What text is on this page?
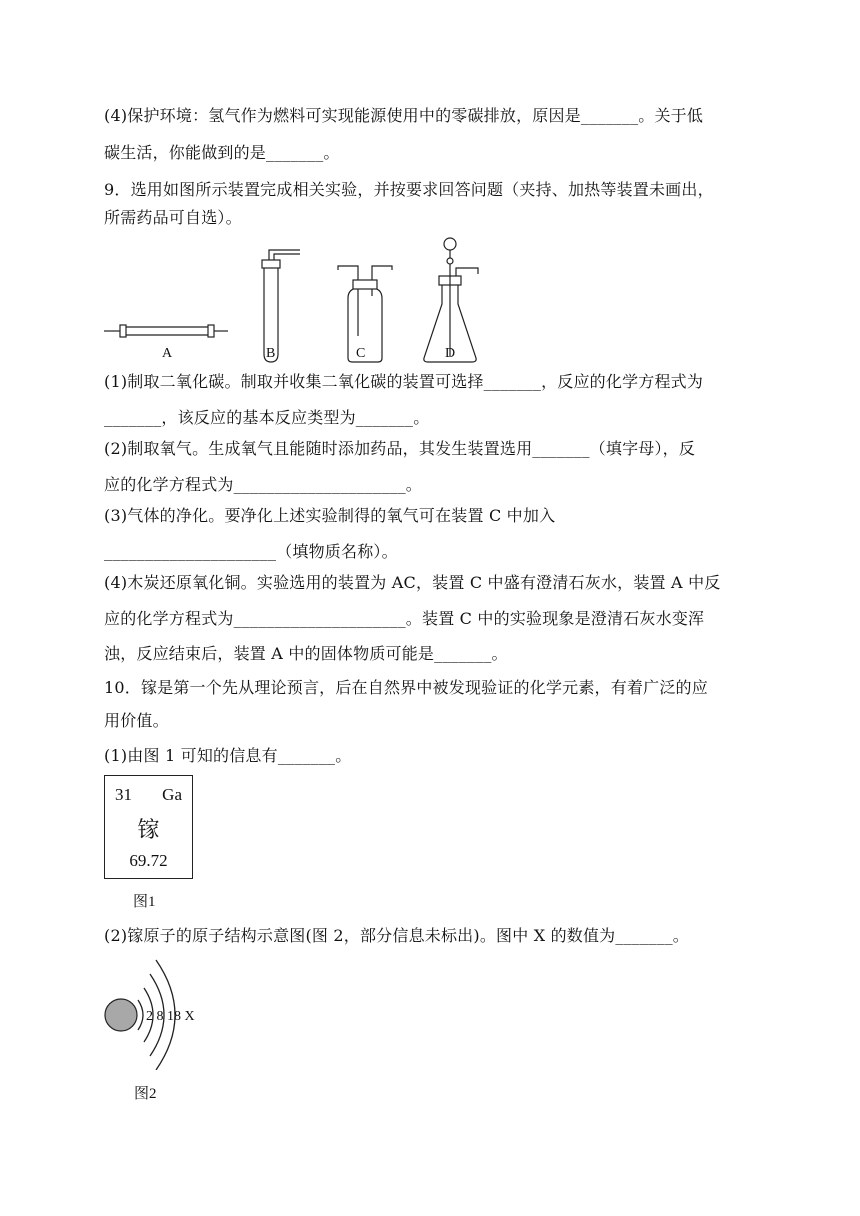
(4)保护环境：氢气作为燃料可实现能源使用中的零碳排放，原因是_______。关于低
碳生活，你能做到的是_______。
9．选用如图所示装置完成相关实验，并按要求回答问题（夹持、加热等装置未画出，
所需药品可自选）。
A	B	C	D
(1)制取二氧化碳。制取并收集二氧化碳的装置可选择_______，反应的化学方程式为
_______，该反应的基本反应类型为_______。
(2)制取氧气。生成氧气且能随时添加药品，其发生装置选用_______（填字母），反
应的化学方程式为_____________________。
(3)气体的净化。要净化上述实验制得的氧气可在装置 C 中加入
_____________________（填物质名称）。
(4)木炭还原氧化铜。实验选用的装置为 AC，装置 C 中盛有澄清石灰水，装置 A 中反
应的化学方程式为_____________________。装置 C 中的实验现象是澄清石灰水变浑
浊，反应结束后，装置 A 中的固体物质可能是_______。
10．镓是第一个先从理论预言，后在自然界中被发现验证的化学元素，有着广泛的应
用价值。
(1)由图 1 可知的信息有_______。
31 Ga
镓
69.72
图1
(2)镓原子的原子结构示意图(图 2，部分信息未标出)。图中 X 的数值为_______。
2 8 18 X
图2
